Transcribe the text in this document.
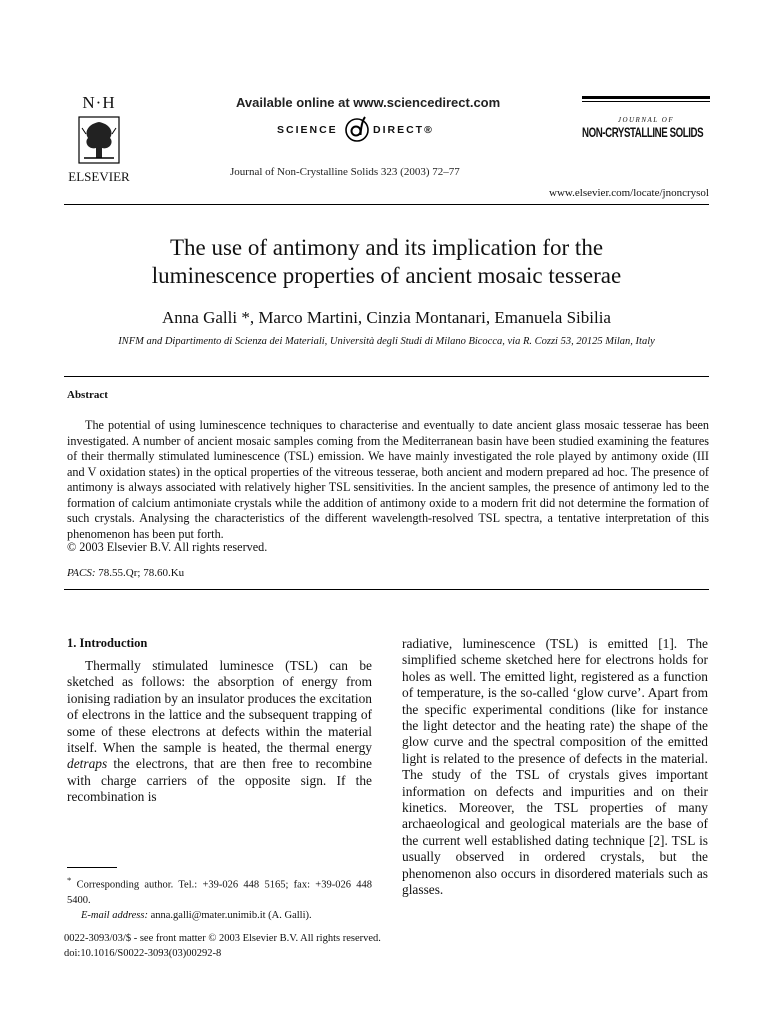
N·H
ELSEVIER
Available online at www.sciencedirect.com
SCIENCE	DIRECT®
Journal of Non-Crystalline Solids 323 (2003) 72–77
JOURNAL OF
NON-CRYSTALLINE SOLIDS
www.elsevier.com/locate/jnoncrysol
The use of antimony and its implication for the
luminescence properties of ancient mosaic tesserae
Anna Galli *, Marco Martini, Cinzia Montanari, Emanuela Sibilia
INFM and Dipartimento di Scienza dei Materiali, Università degli Studi di Milano Bicocca, via R. Cozzi 53, 20125 Milan, Italy
Abstract

The potential of using luminescence techniques to characterise and eventually to date ancient glass mosaic tesserae has been investigated. A number of ancient mosaic samples coming from the Mediterranean basin have been studied examining the features of their thermally stimulated luminescence (TSL) emission. We have mainly investigated the role played by antimony oxide (III and V oxidation states) in the optical properties of the vitreous tesserae, both ancient and modern prepared ad hoc. The presence of antimony is always associated with relatively higher TSL sensitivities. In the ancient samples, the presence of antimony led to the formation of calcium antimoniate crystals while the addition of antimony oxide to a modern frit did not determine the formation of such crystals. Analysing the characteristics of the different wavelength-resolved TSL spectra, a tentative interpretation of this phenomenon has been put forth.

© 2003 Elsevier B.V. All rights reserved.
PACS: 78.55.Qr; 78.60.Ku
1. Introduction

Thermally stimulated luminesce (TSL) can be sketched as follows: the absorption of energy from ionising radiation by an insulator produces the excitation of electrons in the lattice and the subsequent trapping of some of these electrons at defects within the material itself. When the sample is heated, the thermal energy detraps the electrons, that are then free to recombine with charge carriers of the opposite sign. If the recombination is

radiative, luminescence (TSL) is emitted [1]. The simplified scheme sketched here for electrons holds for holes as well. The emitted light, registered as a function of temperature, is the so-called ‘glow curve’. Apart from the specific experimental conditions (like for instance the light detector and the heating rate) the shape of the glow curve and the spectral composition of the emitted light is related to the presence of defects in the material. The study of the TSL of crystals gives important information on defects and impurities and on their kinetics. Moreover, the TSL properties of many archaeological and geological materials are the base of the current well established dating technique [2]. TSL is usually observed in ordered crystals, but the phenomenon also occurs in disordered materials such as glasses.

* Corresponding author. Tel.: +39-026 448 5165; fax: +39-026 448 5400.
E-mail address: anna.galli@mater.unimib.it (A. Galli).
0022-3093/03/$ - see front matter © 2003 Elsevier B.V. All rights reserved.
doi:10.1016/S0022-3093(03)00292-8
